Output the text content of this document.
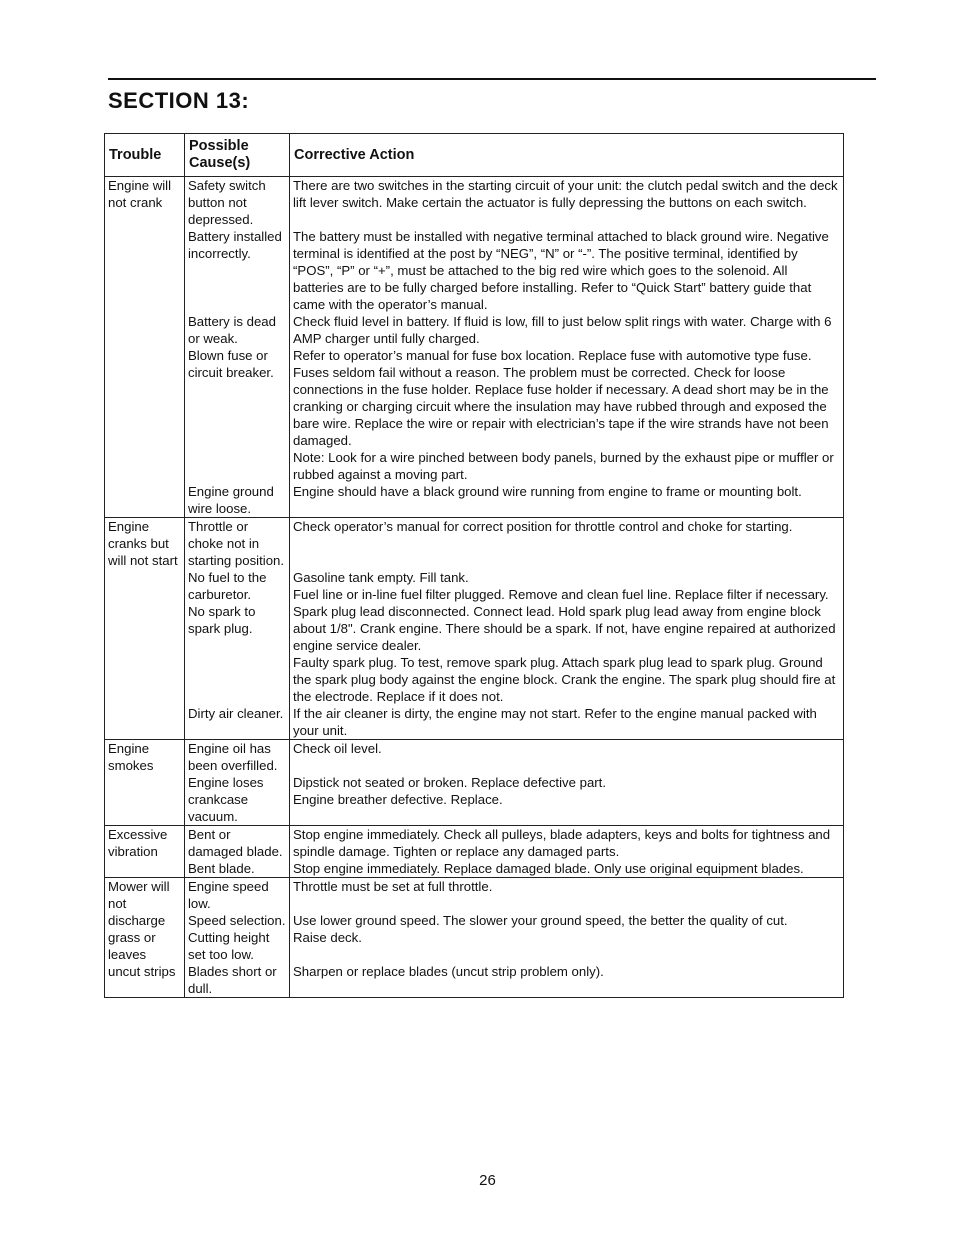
SECTION 13:
Trouble	Possible Cause(s)	Corrective Action
Engine will not crank	Safety switch button not depressed.	There are two switches in the starting circuit of your unit: the clutch pedal switch and the deck lift lever switch. Make certain the actuator is fully depressing the buttons on each switch.
	Battery installed incorrectly.	The battery must be installed with negative terminal attached to black ground wire. Negative terminal is identified at the post by “NEG”, “N” or “-”. The positive terminal, identified by “POS”, “P” or “+”, must be attached to the big red wire which goes to the solenoid. All batteries are to be fully charged before installing. Refer to “Quick Start” battery guide that came with the operator’s manual.
	Battery is dead or weak.	Check fluid level in battery. If fluid is low, fill to just below split rings with water. Charge with 6 AMP charger until fully charged.
	Blown fuse or circuit breaker.	Refer to operator’s manual for fuse box location. Replace fuse with automotive type fuse. Fuses seldom fail without a reason. The problem must be corrected. Check for loose connections in the fuse holder. Replace fuse holder if necessary. A dead short may be in the cranking or charging circuit where the insulation may have rubbed through and exposed the bare wire. Replace the wire or repair with electrician’s tape if the wire strands have not been damaged.
Note: Look for a wire pinched between body panels, burned by the exhaust pipe or muffler or rubbed against a moving part.
	Engine ground wire loose.	Engine should have a black ground wire running from engine to frame or mounting bolt.
Engine cranks but will not start	Throttle or choke not in starting position.	Check operator’s manual for correct position for throttle control and choke for starting.
	No fuel to the carburetor.	Gasoline tank empty. Fill tank.
Fuel line or in-line fuel filter plugged. Remove and clean fuel line. Replace filter if necessary.
	No spark to spark plug.	Spark plug lead disconnected. Connect lead. Hold spark plug lead away from engine block about 1/8". Crank engine. There should be a spark. If not, have engine repaired at authorized engine service dealer.
Faulty spark plug. To test, remove spark plug. Attach spark plug lead to spark plug. Ground the spark plug body against the engine block. Crank the engine. The spark plug should fire at the electrode. Replace if it does not.
	Dirty air cleaner.	If the air cleaner is dirty, the engine may not start. Refer to the engine manual packed with your unit.
Engine smokes	Engine oil has been overfilled.	Check oil level.
	Engine loses crankcase vacuum.	Dipstick not seated or broken. Replace defective part.
Engine breather defective. Replace.
Excessive vibration	Bent or damaged blade.	Stop engine immediately. Check all pulleys, blade adapters, keys and bolts for tightness and spindle damage. Tighten or replace any damaged parts.
	Bent blade.	Stop engine immediately. Replace damaged blade. Only use original equipment blades.
Mower will not discharge grass or leaves uncut strips	Engine speed low.	Throttle must be set at full throttle.
	Speed selection.	Use lower ground speed. The slower your ground speed, the better the quality of cut.
	Cutting height set too low.	Raise deck.
	Blades short or dull.	Sharpen or replace blades (uncut strip problem only).
26
